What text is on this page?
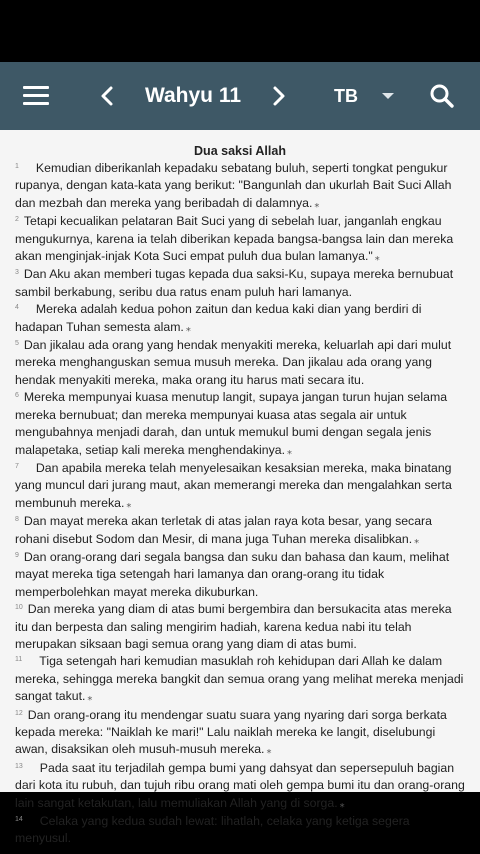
Wahyu 11	TB
Dua saksi Allah

$^1$ Kemudian diberikanlah kepadaku sebatang buluh, seperti tongkat pengukur rupanya, dengan kata-kata yang berikut: "Bangunlah dan ukurlah Bait Suci Allah dan mezbah dan mereka yang beribadah di dalamnya. ⁎

$^2$ Tetapi kecualikan pelataran Bait Suci yang di sebelah luar, janganlah engkau mengukurnya, karena ia telah diberikan kepada bangsa-bangsa lain dan mereka akan menginjak-injak Kota Suci empat puluh dua bulan lamanya." ⁎

$^3$ Dan Aku akan memberi tugas kepada dua saksi-Ku, supaya mereka bernubuat sambil berkabung, seribu dua ratus enam puluh hari lamanya.

$^4$ Mereka adalah kedua pohon zaitun dan kedua kaki dian yang berdiri di hadapan Tuhan semesta alam. ⁎

$^5$ Dan jikalau ada orang yang hendak menyakiti mereka, keluarlah api dari mulut mereka menghanguskan semua musuh mereka. Dan jikalau ada orang yang hendak menyakiti mereka, maka orang itu harus mati secara itu.

$^6$ Mereka mempunyai kuasa menutup langit, supaya jangan turun hujan selama mereka bernubuat; dan mereka mempunyai kuasa atas segala air untuk mengubahnya menjadi darah, dan untuk memukul bumi dengan segala jenis malapetaka, setiap kali mereka menghendakinya. ⁎

$^7$ Dan apabila mereka telah menyelesaikan kesaksian mereka, maka binatang yang muncul dari jurang maut, akan memerangi mereka dan mengalahkan serta membunuh mereka. ⁎

$^8$ Dan mayat mereka akan terletak di atas jalan raya kota besar, yang secara rohani disebut Sodom dan Mesir, di mana juga Tuhan mereka disalibkan. ⁎

$^9$ Dan orang-orang dari segala bangsa dan suku dan bahasa dan kaum, melihat mayat mereka tiga setengah hari lamanya dan orang-orang itu tidak memperbolehkan mayat mereka dikuburkan.

$^{10}$ Dan mereka yang diam di atas bumi bergembira dan bersukacita atas mereka itu dan berpesta dan saling mengirim hadiah, karena kedua nabi itu telah merupakan siksaan bagi semua orang yang diam di atas bumi.

$^{11}$ Tiga setengah hari kemudian masuklah roh kehidupan dari Allah ke dalam mereka, sehingga mereka bangkit dan semua orang yang melihat mereka menjadi sangat takut. ⁎

$^{12}$ Dan orang-orang itu mendengar suatu suara yang nyaring dari sorga berkata kepada mereka: "Naiklah ke mari!" Lalu naiklah mereka ke langit, diselubungi awan, disaksikan oleh musuh-musuh mereka. ⁎

$^{13}$ Pada saat itu terjadilah gempa bumi yang dahsyat dan sepersepuluh bagian dari kota itu rubuh, dan tujuh ribu orang mati oleh gempa bumi itu dan orang-orang lain sangat ketakutan, lalu memuliakan Allah yang di sorga. ⁎

$^{14}$ Celaka yang kedua sudah lewat: lihatlah, celaka yang ketiga segera menyusul.
